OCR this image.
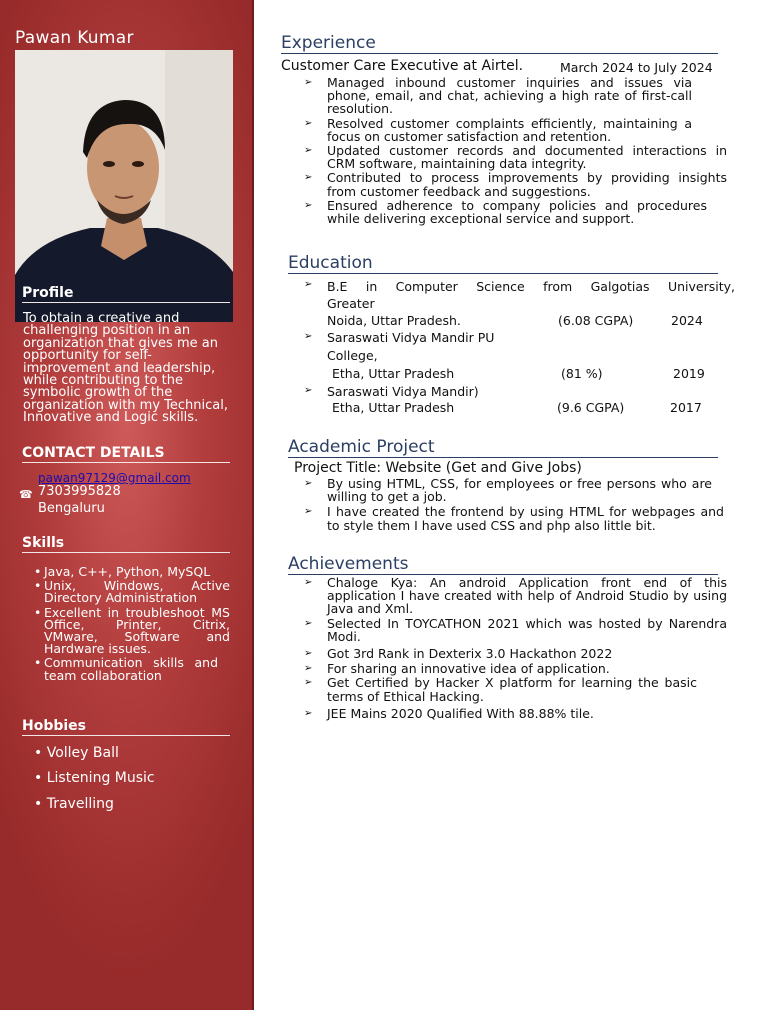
Pawan Kumar
Profile
To obtain a creative and challenging position in an organization that gives me an opportunity for self-improvement and leadership, while contributing to the symbolic growth of the organization with my Technical, Innovative and Logic skills.
CONTACT DETAILS
pawan97129@gmail.com
☎ 7303995828
Bengaluru
Skills
• Java, C++, Python, MySQL
• Unix, Windows, Active Directory Administration
• Excellent in troubleshoot MS Office, Printer, Citrix, VMware, Software and Hardware issues.
• Communication skills and team collaboration
Hobbies
• Volley Ball
• Listening Music
• Travelling
Experience
Customer Care Executive at Airtel.	March 2024 to July 2024
➢ Managed inbound customer inquiries and issues via phone, email, and chat, achieving a high rate of first-call resolution.
➢ Resolved customer complaints efficiently, maintaining a focus on customer satisfaction and retention.
➢ Updated customer records and documented interactions in CRM software, maintaining data integrity.
➢ Contributed to process improvements by providing insights from customer feedback and suggestions.
➢ Ensured adherence to company policies and procedures while delivering exceptional service and support.
Education
➢ B.E in Computer Science from Galgotias University,
Greater
Noida, Uttar Pradesh.	(6.08 CGPA)	2024
➢ Saraswati Vidya Mandir PU
College,
Etha, Uttar Pradesh	(81 %)	2019
➢ Saraswati Vidya Mandir)
Etha, Uttar Pradesh	(9.6 CGPA)	2017
Academic Project
Project Title: Website (Get and Give Jobs)
➢ By using HTML, CSS, for employees or free persons who are willing to get a job.
➢ I have created the frontend by using HTML for webpages and to style them I have used CSS and php also little bit.
Achievements
➢ Chaloge Kya: An android Application front end of this application I have created with help of Android Studio by using Java and Xml.
➢ Selected In TOYCATHON 2021 which was hosted by Narendra Modi.
➢ Got 3rd Rank in Dexterix 3.0 Hackathon 2022
➢ For sharing an innovative idea of application.
➢ Get Certified by Hacker X platform for learning the basic terms of Ethical Hacking.
➢ JEE Mains 2020 Qualified With 88.88% tile.
